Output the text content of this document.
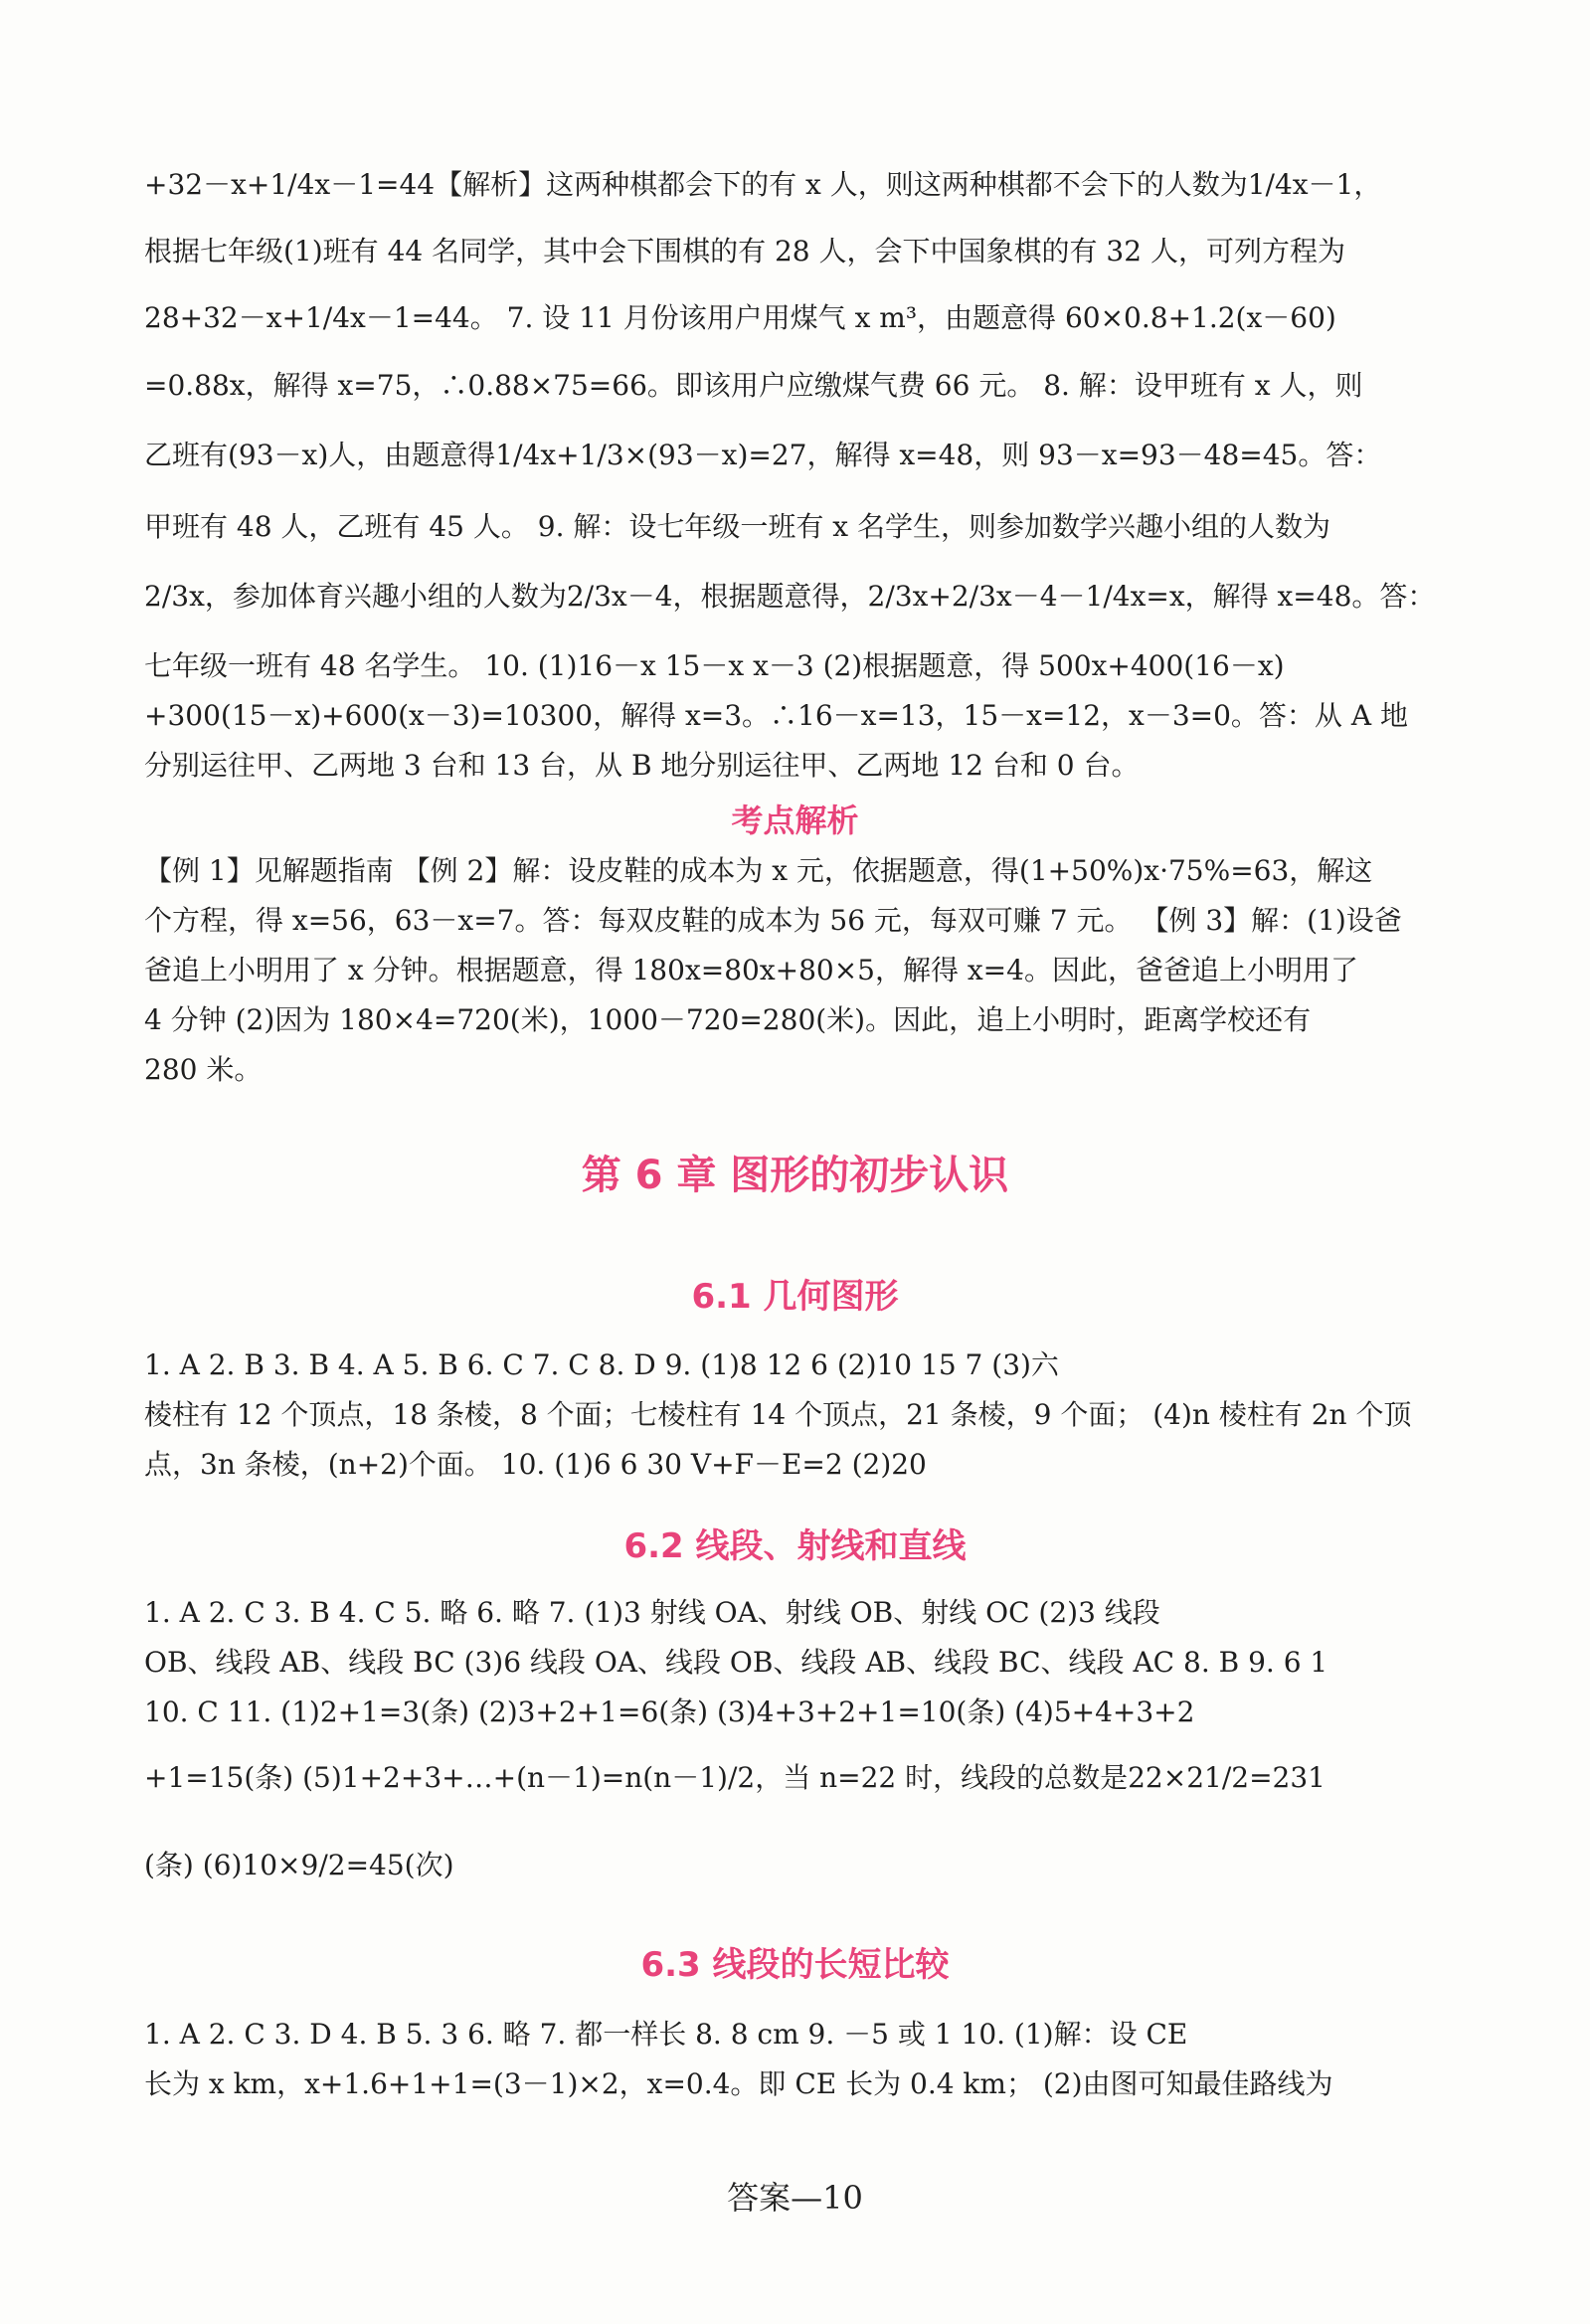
+32－x+1/4x－1=44【解析】这两种棋都会下的有 x 人，则这两种棋都不会下的人数为1/4x－1，
根据七年级(1)班有 44 名同学，其中会下围棋的有 28 人，会下中国象棋的有 32 人，可列方程为
28+32－x+1/4x－1=44。 7. 设 11 月份该用户用煤气 x m³，由题意得 60×0.8+1.2(x－60)
=0.88x，解得 x=75，∴0.88×75=66。即该用户应缴煤气费 66 元。 8. 解：设甲班有 x 人，则
乙班有(93－x)人，由题意得1/4x+1/3×(93－x)=27，解得 x=48，则 93－x=93－48=45。答：
甲班有 48 人，乙班有 45 人。 9. 解：设七年级一班有 x 名学生，则参加数学兴趣小组的人数为
2/3x，参加体育兴趣小组的人数为2/3x－4，根据题意得，2/3x+2/3x－4－1/4x=x，解得 x=48。答：
七年级一班有 48 名学生。 10. (1)16－x 15－x x－3 (2)根据题意，得 500x+400(16－x)
+300(15－x)+600(x－3)=10300，解得 x=3。∴16－x=13，15－x=12，x－3=0。答：从 A 地
分别运往甲、乙两地 3 台和 13 台，从 B 地分别运往甲、乙两地 12 台和 0 台。
考点解析
【例 1】见解题指南 【例 2】解：设皮鞋的成本为 x 元，依据题意，得(1+50%)x·75%=63，解这
个方程，得 x=56，63－x=7。答：每双皮鞋的成本为 56 元，每双可赚 7 元。 【例 3】解：(1)设爸
爸追上小明用了 x 分钟。根据题意，得 180x=80x+80×5，解得 x=4。因此，爸爸追上小明用了
4 分钟 (2)因为 180×4=720(米)，1000－720=280(米)。因此，追上小明时，距离学校还有
280 米。
第 6 章 图形的初步认识
6.1 几何图形
1. A 2. B 3. B 4. A 5. B 6. C 7. C 8. D 9. (1)8 12 6 (2)10 15 7 (3)六
棱柱有 12 个顶点，18 条棱，8 个面；七棱柱有 14 个顶点，21 条棱，9 个面； (4)n 棱柱有 2n 个顶
点，3n 条棱，(n+2)个面。 10. (1)6 6 30 V+F－E=2 (2)20
6.2 线段、射线和直线
1. A 2. C 3. B 4. C 5. 略 6. 略 7. (1)3 射线 OA、射线 OB、射线 OC (2)3 线段
OB、线段 AB、线段 BC (3)6 线段 OA、线段 OB、线段 AB、线段 BC、线段 AC 8. B 9. 6 1
10. C 11. (1)2+1=3(条) (2)3+2+1=6(条) (3)4+3+2+1=10(条) (4)5+4+3+2
+1=15(条) (5)1+2+3+…+(n－1)=n(n－1)/2，当 n=22 时，线段的总数是22×21/2=231
(条) (6)10×9/2=45(次)
6.3 线段的长短比较
1. A 2. C 3. D 4. B 5. 3 6. 略 7. 都一样长 8. 8 cm 9. －5 或 1 10. (1)解：设 CE
长为 x km，x+1.6+1+1=(3－1)×2，x=0.4。即 CE 长为 0.4 km； (2)由图可知最佳路线为
答案—10
